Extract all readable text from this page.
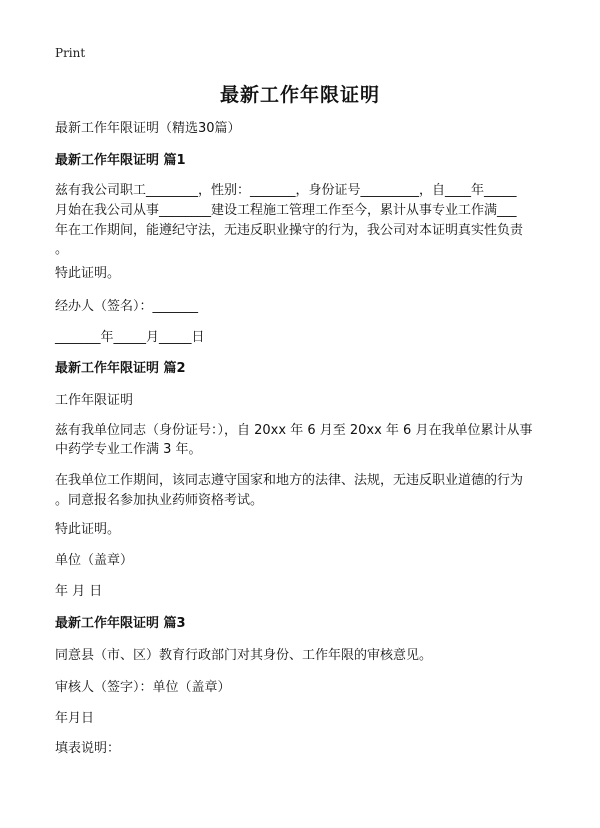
Print
最新工作年限证明
最新工作年限证明（精选30篇）
最新工作年限证明 篇1
兹有我公司职工________，性别：_______，身份证号_________，自____年_____
月始在我公司从事________建设工程施工管理工作至今，累计从事专业工作满___
年在工作期间，能遵纪守法，无违反职业操守的行为，我公司对本证明真实性负责
。
特此证明。
经办人（签名）：_______
_______年_____月_____日
最新工作年限证明 篇2
工作年限证明
兹有我单位同志（身份证号：），自 20xx 年 6 月至 20xx 年 6 月在我单位累计从事
中药学专业工作满 3 年。
在我单位工作期间，该同志遵守国家和地方的法律、法规，无违反职业道德的行为
。同意报名参加执业药师资格考试。
特此证明。
单位（盖章）
年 月 日
最新工作年限证明 篇3
同意县（市、区）教育行政部门对其身份、工作年限的审核意见。
审核人（签字）：单位（盖章）
年月日
填表说明：
